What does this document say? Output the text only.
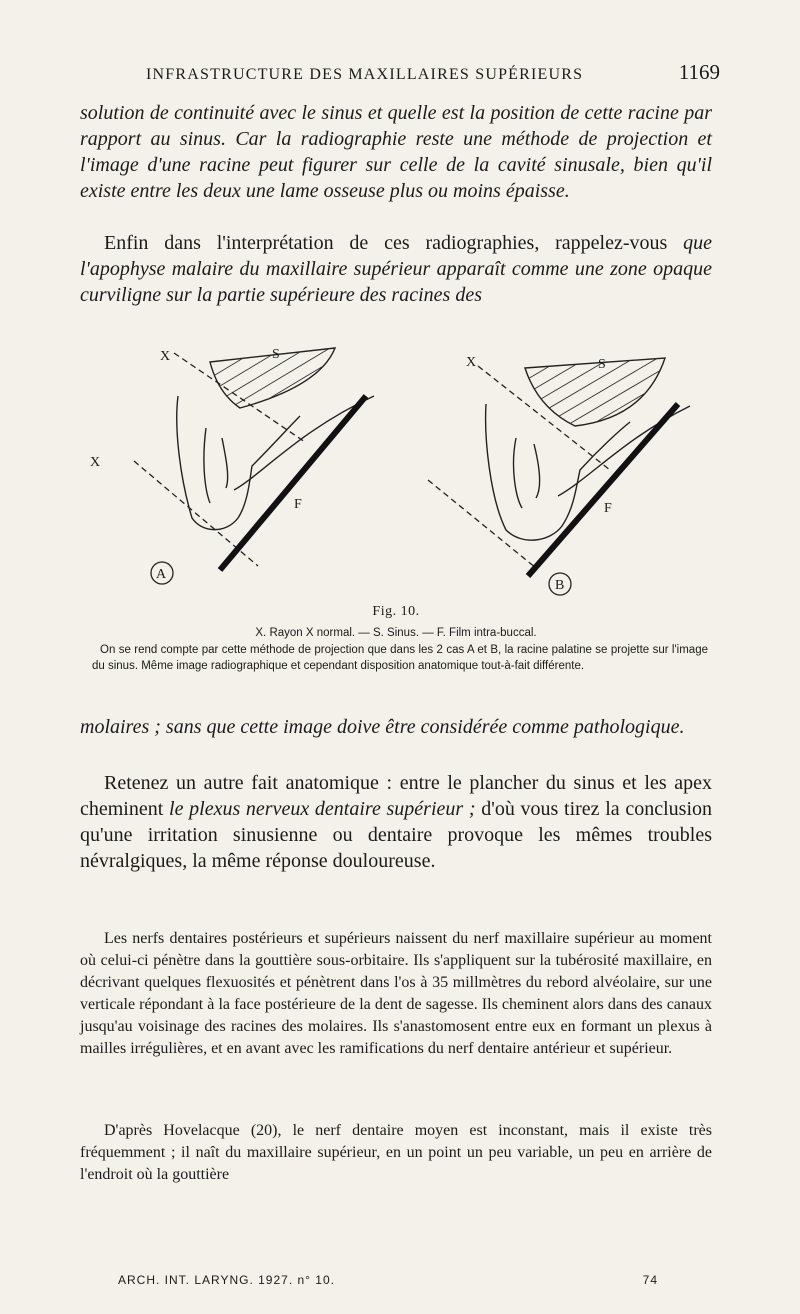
INFRASTRUCTURE DES MAXILLAIRES SUPÉRIEURS	1169

solution de continuité avec le sinus et quelle est la position de cette racine par rapport au sinus. Car la radiographie reste une méthode de projection et l'image d'une racine peut figurer sur celle de la cavité sinusale, bien qu'il existe entre les deux une lame osseuse plus ou moins épaisse.

Enfin dans l'interprétation de ces radiographies, rappelez-vous que l'apophyse malaire du maxillaire supérieur apparaît comme une zone opaque curviligne sur la partie supérieure des racines des

X
X
S
F
A
X	S
F
B
Fig. 10.
X. Rayon X normal. — S. Sinus. — F. Film intra-buccal.

On se rend compte par cette méthode de projection que dans les 2 cas A et B, la racine palatine se projette sur l'image du sinus. Même image radiographique et cependant disposition anatomique tout-à-fait différente.

molaires ; sans que cette image doive être considérée comme pathologique.

Retenez un autre fait anatomique : entre le plancher du sinus et les apex cheminent le plexus nerveux dentaire supérieur ; d'où vous tirez la conclusion qu'une irritation sinusienne ou dentaire provoque les mêmes troubles névralgiques, la même réponse douloureuse.

Les nerfs dentaires postérieurs et supérieurs naissent du nerf maxillaire supérieur au moment où celui-ci pénètre dans la gouttière sous-orbitaire. Ils s'appliquent sur la tubérosité maxillaire, en décrivant quelques flexuosités et pénètrent dans l'os à 35 millmètres du rebord alvéolaire, sur une verticale répondant à la face postérieure de la dent de sagesse. Ils cheminent alors dans des canaux jusqu'au voisinage des racines des molaires. Ils s'anastomosent entre eux en formant un plexus à mailles irrégulières, et en avant avec les ramifications du nerf dentaire antérieur et supérieur.

D'après Hovelacque (20), le nerf dentaire moyen est inconstant, mais il existe très fréquemment ; il naît du maxillaire supérieur, en un point un peu variable, un peu en arrière de l'endroit où la gouttière

ARCH. INT. LARYNG. 1927. n° 10.	74
